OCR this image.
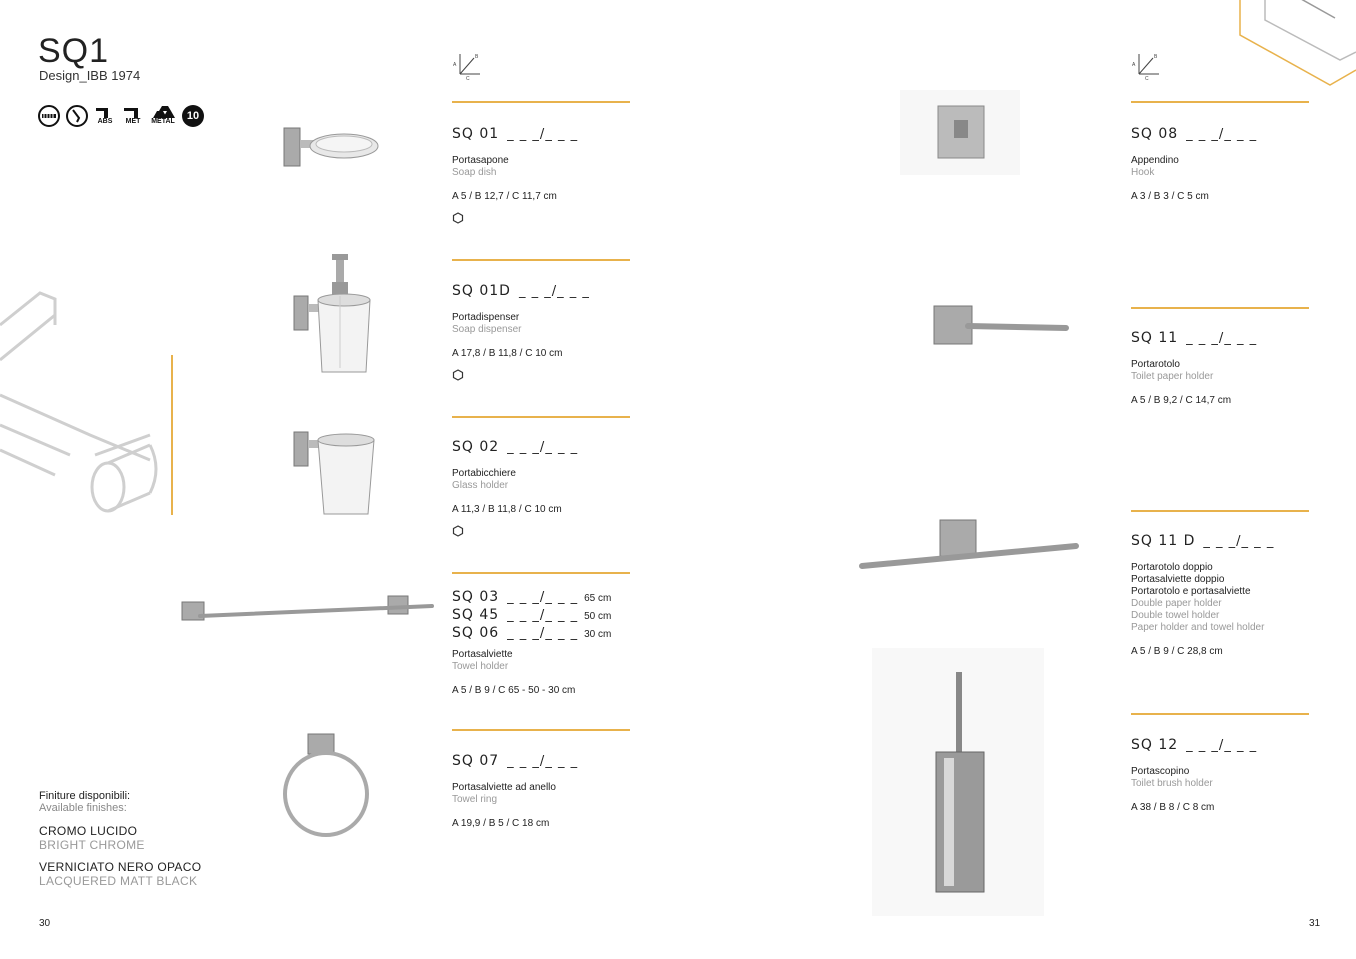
SQ1
Design_IBB 1974
ABS MET METAL	10
A
B
C
A
B
C
SQ 01 _ _ _/_ _ _
Portasapone
Soap dish
A 5 / B 12,7 / C 11,7 cm
SQ 01D _ _ _/_ _ _
Portadispenser
Soap dispenser
A 17,8 / B 11,8 / C 10 cm
SQ 02 _ _ _/_ _ _
Portabicchiere
Glass holder
A 11,3 / B 11,8 / C 10 cm
SQ 03 _ _ _/_ _ _ 65 cm
SQ 45 _ _ _/_ _ _ 50 cm
SQ 06 _ _ _/_ _ _ 30 cm
Portasalviette
Towel holder
A 5 / B 9 / C 65 - 50 - 30 cm
SQ 07 _ _ _/_ _ _
Portasalviette ad anello
Towel ring
A 19,9 / B 5 / C 18 cm
Finiture disponibili:
Available finishes:
CROMO LUCIDO
BRIGHT CHROME
VERNICIATO NERO OPACO
LACQUERED MATT BLACK
30	31
SQ 08 _ _ _/_ _ _
Appendino
Hook
A 3 / B 3 / C 5 cm
SQ 11 _ _ _/_ _ _
Portarotolo
Toilet paper holder
A 5 / B 9,2 / C 14,7 cm
SQ 11 D _ _ _/_ _ _
Portarotolo doppio
Portasalviette doppio
Portarotolo e portasalviette
Double paper holder
Double towel holder
Paper holder and towel holder
A 5 / B 9 / C 28,8 cm
SQ 12 _ _ _/_ _ _
Portascopino
Toilet brush holder
A 38 / B 8 / C 8 cm
